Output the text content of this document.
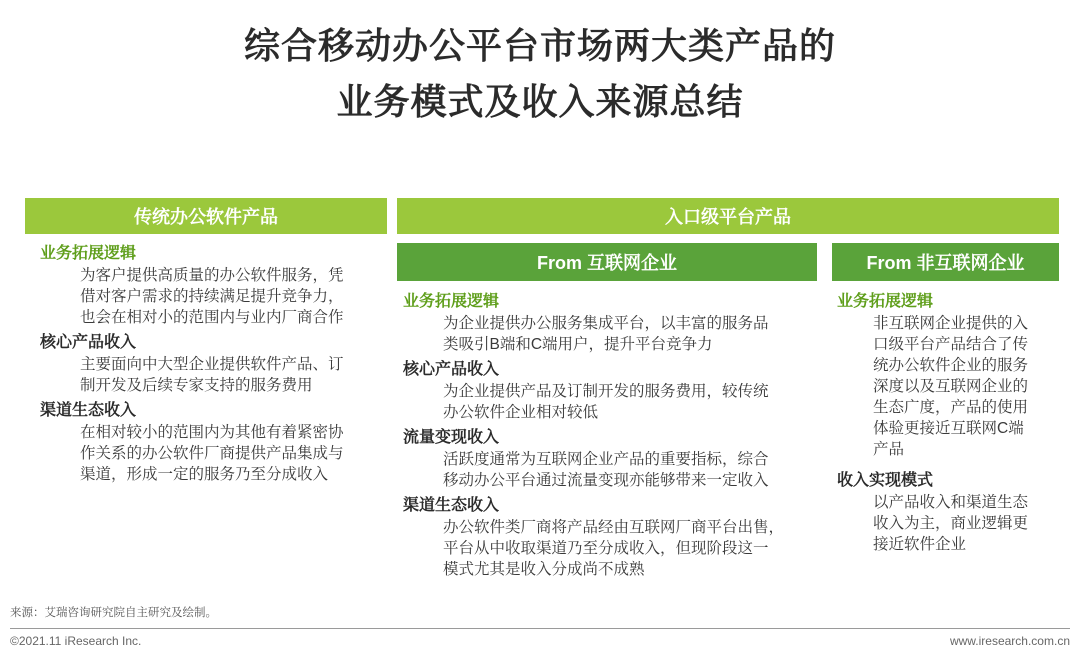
综合移动办公平台市场两大类产品的
业务模式及收入来源总结
传统办公软件产品	入口级平台产品
From 互联网企业	From 非互联网企业
业务拓展逻辑
为客户提供高质量的办公软件服务，凭
借对客户需求的持续满足提升竞争力，
也会在相对小的范围内与业内厂商合作
核心产品收入
主要面向中大型企业提供软件产品、订
制开发及后续专家支持的服务费用
渠道生态收入
在相对较小的范围内为其他有着紧密协
作关系的办公软件厂商提供产品集成与
渠道，形成一定的服务乃至分成收入
业务拓展逻辑
为企业提供办公服务集成平台，以丰富的服务品
类吸引B端和C端用户，提升平台竞争力
核心产品收入
为企业提供产品及订制开发的服务费用，较传统
办公软件企业相对较低
流量变现收入
活跃度通常为互联网企业产品的重要指标，综合
移动办公平台通过流量变现亦能够带来一定收入
渠道生态收入
办公软件类厂商将产品经由互联网厂商平台出售，
平台从中收取渠道乃至分成收入，但现阶段这一
模式尤其是收入分成尚不成熟
业务拓展逻辑
非互联网企业提供的入
口级平台产品结合了传
统办公软件企业的服务
深度以及互联网企业的
生态广度，产品的使用
体验更接近互联网C端
产品
收入实现模式
以产品收入和渠道生态
收入为主，商业逻辑更
接近软件企业
来源：艾瑞咨询研究院自主研究及绘制。
©2021.11 iResearch Inc.	www.iresearch.com.cn
